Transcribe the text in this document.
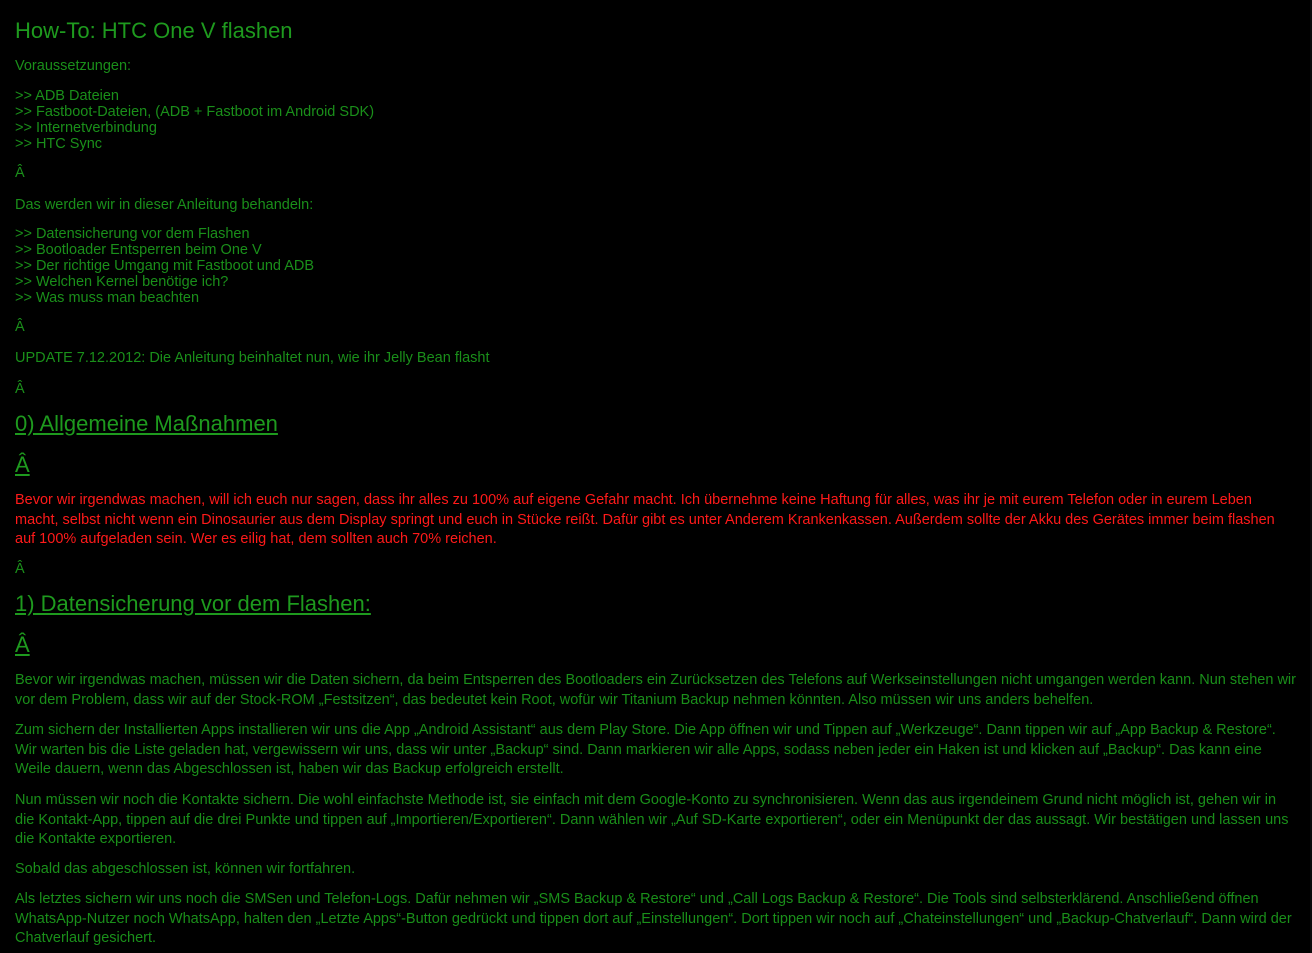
How-To: HTC One V flashen
Voraussetzungen:
>> ADB Dateien
>> Fastboot-Dateien, (ADB + Fastboot im Android SDK)
>> Internetverbindung
>> HTC Sync
Â
Das werden wir in dieser Anleitung behandeln:
>> Datensicherung vor dem Flashen
>> Bootloader Entsperren beim One V
>> Der richtige Umgang mit Fastboot und ADB
>> Welchen Kernel benötige ich?
>> Was muss man beachten
Â
UPDATE 7.12.2012: Die Anleitung beinhaltet nun, wie ihr Jelly Bean flasht
Â
0) Allgemeine Maßnahmen
Â
Bevor wir irgendwas machen, will ich euch nur sagen, dass ihr alles zu 100% auf eigene Gefahr macht. Ich übernehme keine Haftung für alles, was ihr je mit eurem Telefon oder in eurem Leben macht, selbst nicht wenn ein Dinosaurier aus dem Display springt und euch in Stücke reißt. Dafür gibt es unter Anderem Krankenkassen. Außerdem sollte der Akku des Gerätes immer beim flashen auf 100% aufgeladen sein. Wer es eilig hat, dem sollten auch 70% reichen.
Â
1) Datensicherung vor dem Flashen:
Â
Bevor wir irgendwas machen, müssen wir die Daten sichern, da beim Entsperren des Bootloaders ein Zurücksetzen des Telefons auf Werkseinstellungen nicht umgangen werden kann. Nun stehen wir vor dem Problem, dass wir auf der Stock-ROM „Festsitzen“, das bedeutet kein Root, wofür wir Titanium Backup nehmen könnten. Also müssen wir uns anders behelfen.
Zum sichern der Installierten Apps installieren wir uns die App „Android Assistant“ aus dem Play Store. Die App öffnen wir und Tippen auf „Werkzeuge“. Dann tippen wir auf „App Backup & Restore“. Wir warten bis die Liste geladen hat, vergewissern wir uns, dass wir unter „Backup“ sind. Dann markieren wir alle Apps, sodass neben jeder ein Haken ist und klicken auf „Backup“. Das kann eine Weile dauern, wenn das Abgeschlossen ist, haben wir das Backup erfolgreich erstellt.
Nun müssen wir noch die Kontakte sichern. Die wohl einfachste Methode ist, sie einfach mit dem Google-Konto zu synchronisieren. Wenn das aus irgendeinem Grund nicht möglich ist, gehen wir in die Kontakt-App, tippen auf die drei Punkte und tippen auf „Importieren/Exportieren“. Dann wählen wir „Auf SD-Karte exportieren“, oder ein Menüpunkt der das aussagt. Wir bestätigen und lassen uns die Kontakte exportieren.
Sobald das abgeschlossen ist, können wir fortfahren.
Als letztes sichern wir uns noch die SMSen und Telefon-Logs. Dafür nehmen wir „SMS Backup & Restore“ und „Call Logs Backup & Restore“. Die Tools sind selbsterklärend. Anschließend öffnen WhatsApp-Nutzer noch WhatsApp, halten den „Letzte Apps“-Button gedrückt und tippen dort auf „Einstellungen“. Dort tippen wir noch auf „Chateinstellungen“ und „Backup-Chatverlauf“. Dann wird der Chatverlauf gesichert.
